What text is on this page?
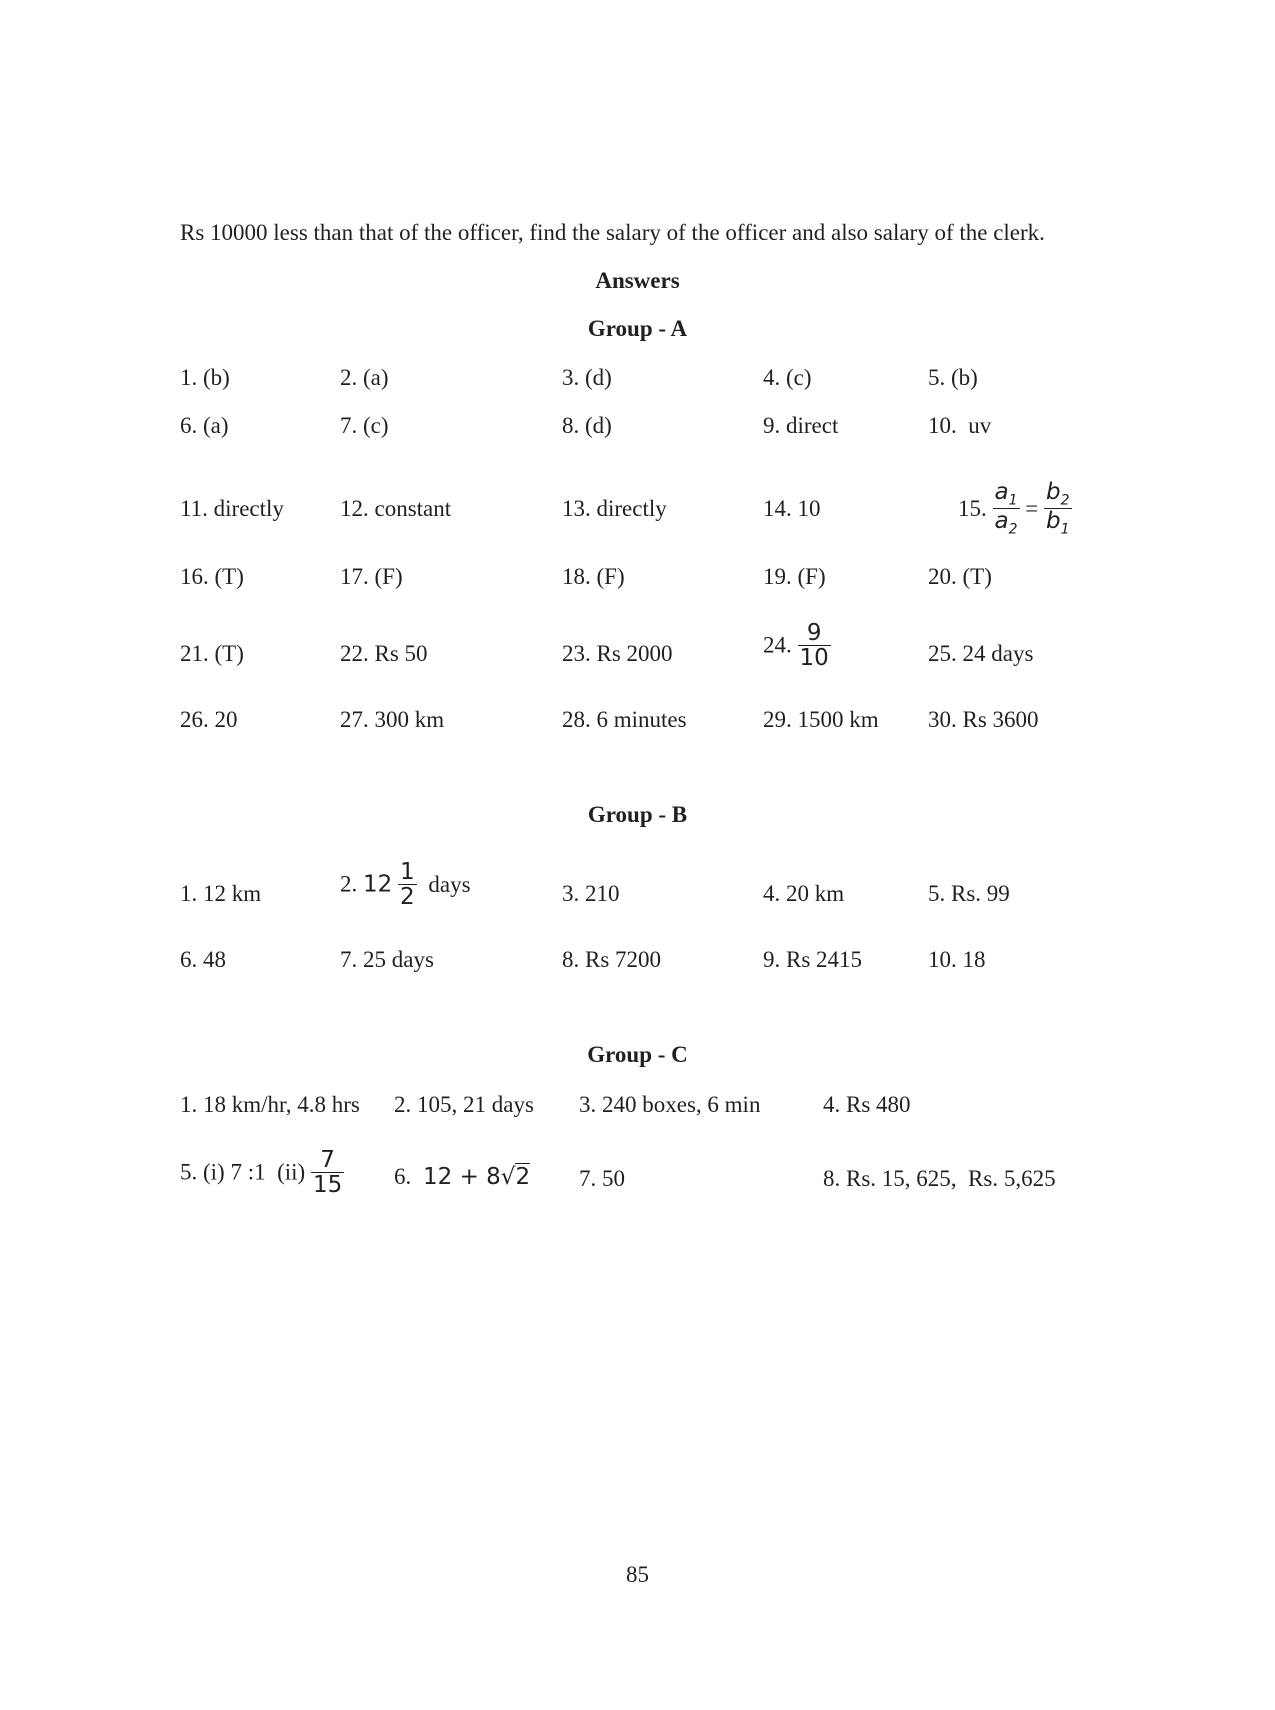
Rs 10000 less than that of the officer, find the salary of the officer and also salary of the clerk.
Answers
Group - A
1. (b)	2. (a)	3. (d)	4. (c)	5. (b)
6. (a)	7. (c)	8. (d)	9. direct	10.  uv
11. directly 12. constant	13. directly	14. 10	15. $\frac{a_1}{a_2} = \frac{b_2}{b_1}$
16. (T)	17. (F)	18. (F)	19. (F)	20. (T)
21. (T)	22. Rs 50	23. Rs 2000	24. $\frac{9}{10}$	25. 24 days
26. 20	27. 300 km	28. 6 minutes	29. 1500 km 30. Rs 3600
Group - B
1. 12 km	2. $12 \frac{1}{2}$ days	3. 210	4. 20 km	5. Rs. 99
6. 48	7. 25 days	8. Rs 7200	9. Rs 2415	10. 18
Group - C
1. 18 km/hr, 4.8 hrs 2. 105, 21 days 3. 240 boxes, 6 min	4. Rs 480
5. (i) 7 :1  $(ii) \frac{7}{15} 6$. 12 + 8√2 7. 50	8. Rs. 15, 625,  Rs. 5,625
85
